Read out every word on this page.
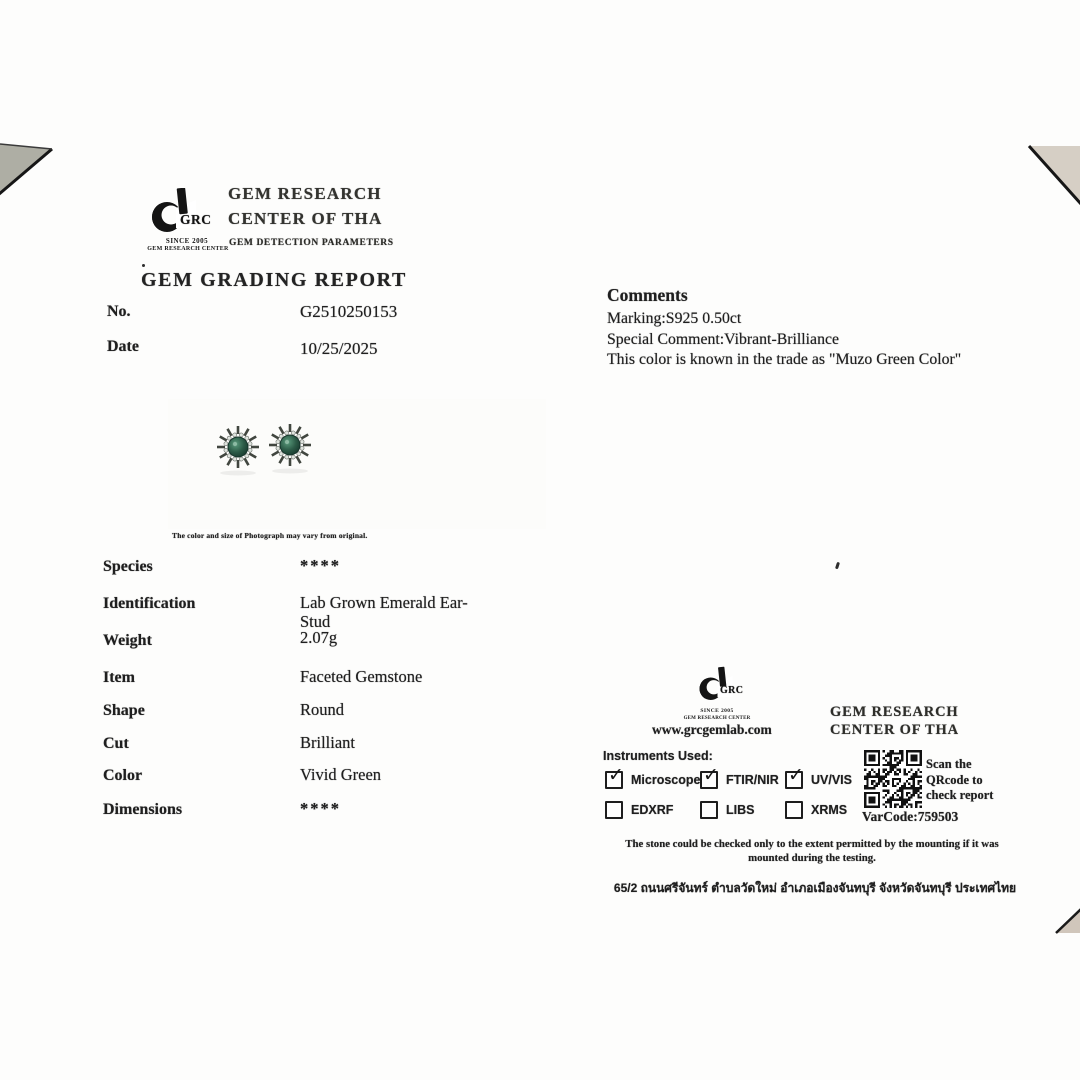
GRC
SINCE 2005
GEM RESEARCH CENTER
GEM RESEARCH
CENTER OF THA
GEM DETECTION PARAMETERS
GEM GRADING REPORT
No.	G2510250153
Date	10/25/2025
Comments
Marking:S925 0.50ct
Special Comment:Vibrant-Brilliance
This color is known in the trade as "Muzo Green Color"
The color and size of Photograph may vary from original.
Species	****
Identification	Lab Grown Emerald Ear-Stud
Weight	2.07g
Item	Faceted Gemstone
Shape	Round
Cut	Brilliant
Color	Vivid Green
Dimensions	****
GRC
SINCE 2005
GEM RESEARCH CENTER
www.grcgemlab.com
GEM RESEARCH
CENTER OF THA
Instruments Used:
✓ Microscope ✓ FTIR/NIR ✓ UV/VIS
EDXRF	LIBS	XRMS
Scan the QRcode to check report
VarCode:759503
The stone could be checked only to the extent permitted by the mounting if it was mounted during the testing.
65/2 ถนนศรีจันทร์ ตำบลวัดใหม่ อำเภอเมืองจันทบุรี จังหวัดจันทบุรี ประเทศไทย
